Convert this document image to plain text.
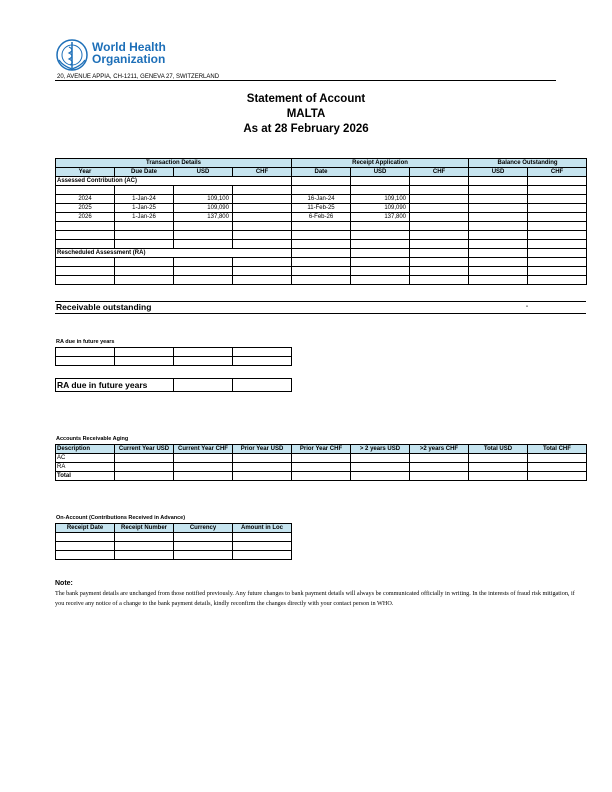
World Health
Organization
20, AVENUE APPIA, CH-1211, GENEVA 27, SWITZERLAND
Statement of Account
MALTA
As at 28 February 2026
Transaction Details				Receipt Application			Balance Outstanding	
Year	Due Date	USD	CHF	Date	USD	CHF	USD	CHF
Assessed Contribution (AC)								

2024	1-Jan-24	109,100		16-Jan-24	109,100			
2025	1-Jan-25	109,090		11-Feb-25	109,090			
2026	1-Jan-26	137,800		6-Feb-26	137,800			

Rescheduled Assessment (RA)								

Receivable outstanding	-
RA due in future years

RA due in future years		
Accounts Receivable Aging
Description	Current Year USD	Current Year CHF	Prior Year USD	Prior Year CHF	> 2 years USD	>2 years CHF	Total USD	Total CHF
AC								
RA								
Total								
On-Account (Contributions Received in Advance)
Receipt Date	Receipt Number	Currency	Amount in Loc

Note:
The bank payment details are unchanged from those notified previously. Any future changes to bank payment details will always be communicated officially in writing. In the interests of fraud risk mitigation, if you receive any notice of a change to the bank payment details, kindly reconfirm the changes directly with your contact person in WHO.
